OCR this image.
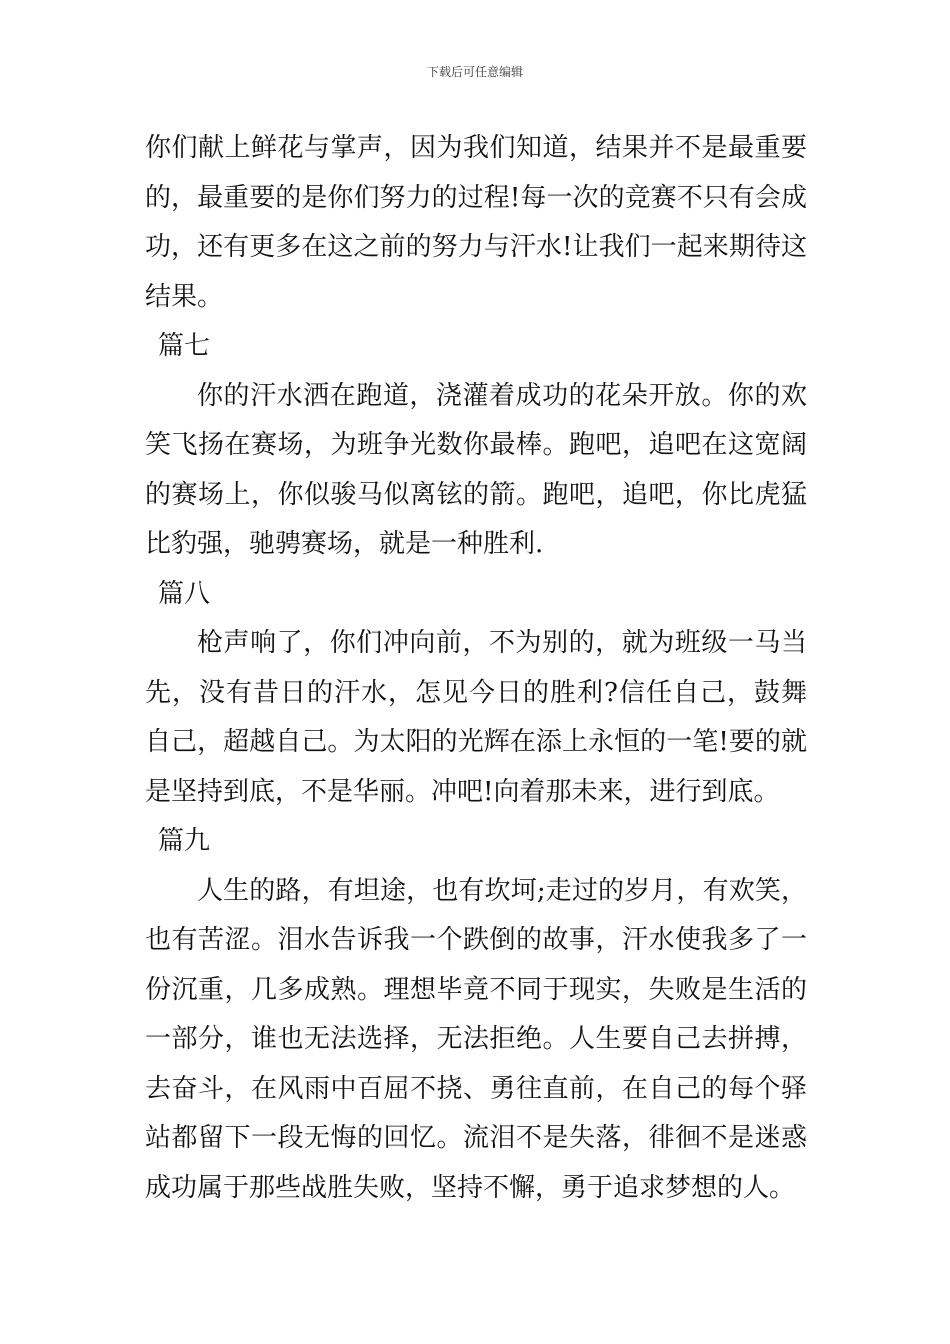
下载后可任意编辑

你们献上鲜花与掌声，因为我们知道，结果并不是最重要的，最重要的是你们努力的过程!每一次的竞赛不只有会成功，还有更多在这之前的努力与汗水!让我们一起来期待这结果。

篇七

你的汗水洒在跑道，浇灌着成功的花朵开放。你的欢笑飞扬在赛场，为班争光数你最棒。跑吧，追吧在这宽阔的赛场上，你似骏马似离铉的箭。跑吧，追吧，你比虎猛比豹强，驰骋赛场，就是一种胜利.

篇八

枪声响了，你们冲向前，不为别的，就为班级一马当先，没有昔日的汗水，怎见今日的胜利?信任自己，鼓舞自己，超越自己。为太阳的光辉在添上永恒的一笔!要的就是坚持到底，不是华丽。冲吧!向着那未来，进行到底。

篇九

人生的路，有坦途，也有坎坷;走过的岁月，有欢笑，也有苦涩。泪水告诉我一个跌倒的故事，汗水使我多了一份沉重，几多成熟。理想毕竟不同于现实，失败是生活的一部分，谁也无法选择，无法拒绝。人生要自己去拼搏，去奋斗，在风雨中百屈不挠、勇往直前，在自己的每个驿站都留下一段无悔的回忆。流泪不是失落，徘徊不是迷惑成功属于那些战胜失败，坚持不懈，勇于追求梦想的人。
